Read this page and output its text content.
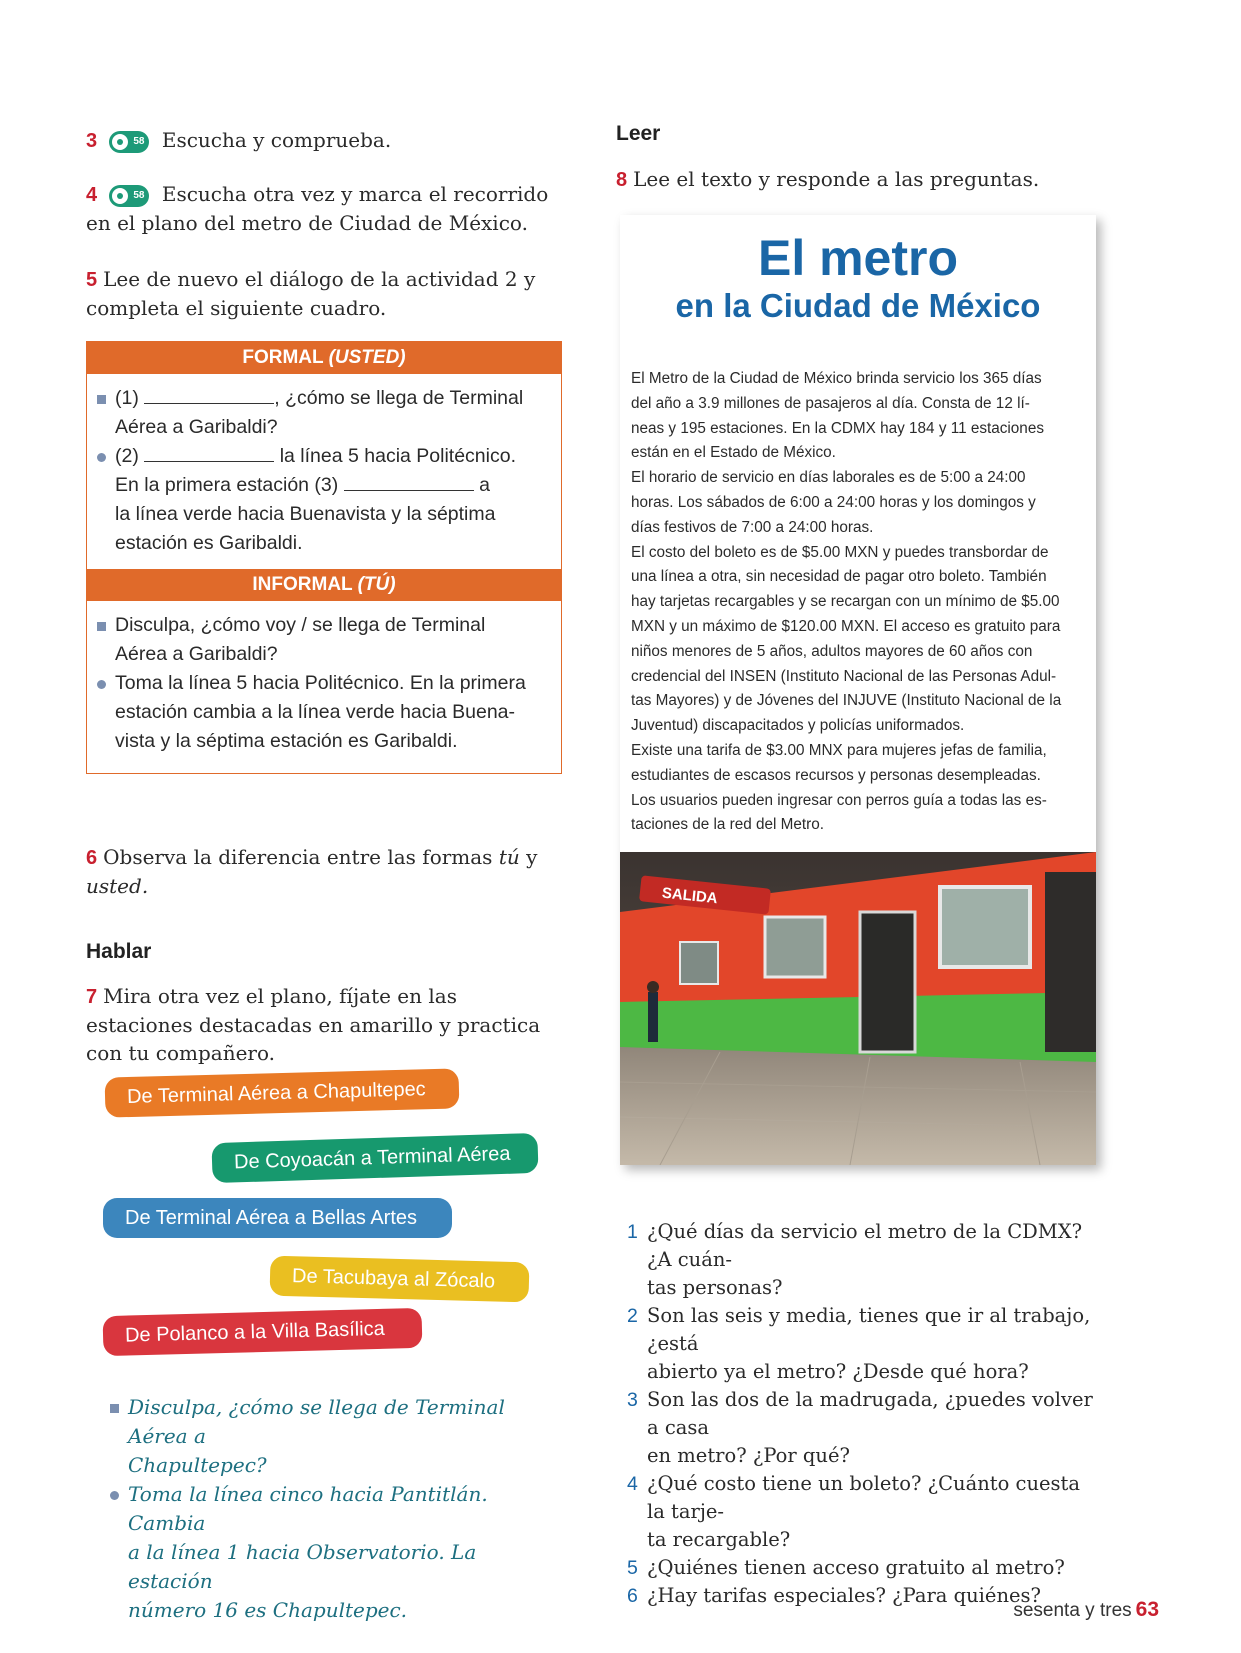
3	58 Escucha y comprueba.
4	58 Escucha otra vez y marca el recorrido
en el plano del metro de Ciudad de México.
5 Lee de nuevo el diálogo de la actividad 2 y
completa el siguiente cuadro.
FORMAL (USTED)
(1)	, ¿cómo se llega de Terminal
Aérea a Garibaldi?
(2)	la línea 5 hacia Politécnico.
En la primera estación (3)	a
la línea verde hacia Buenavista y la séptima
estación es Garibaldi.
INFORMAL (TÚ)
Disculpa, ¿cómo voy / se llega de Terminal
Aérea a Garibaldi?
Toma la línea 5 hacia Politécnico. En la primera
estación cambia a la línea verde hacia Buena-
vista y la séptima estación es Garibaldi.
6 Observa la diferencia entre las formas tú y
usted.
Hablar
7 Mira otra vez el plano, fíjate en las
estaciones destacadas en amarillo y practica
con tu compañero.
De Terminal Aérea a Chapultepec
De Coyoacán a Terminal Aérea
De Terminal Aérea a Bellas Artes
De Tacubaya al Zócalo
De Polanco a la Villa Basílica
Disculpa, ¿cómo se llega de Terminal Aérea a
Chapultepec?
Toma la línea cinco hacia Pantitlán. Cambia
a la línea 1 hacia Observatorio. La estación
número 16 es Chapultepec.
Leer
8 Lee el texto y responde a las preguntas.
El metro
en la Ciudad de México
El Metro de la Ciudad de México brinda servicio los 365 días
del año a 3.9 millones de pasajeros al día. Consta de 12 lí-
neas y 195 estaciones. En la CDMX hay 184 y 11 estaciones
están en el Estado de México.
El horario de servicio en días laborales es de 5:00 a 24:00
horas. Los sábados de 6:00 a 24:00 horas y los domingos y
días festivos de 7:00 a 24:00 horas.
El costo del boleto es de $5.00 MXN y puedes transbordar de
una línea a otra, sin necesidad de pagar otro boleto. También
hay tarjetas recargables y se recargan con un mínimo de $5.00
MXN y un máximo de $120.00 MXN. El acceso es gratuito para
niños menores de 5 años, adultos mayores de 60 años con
credencial del INSEN (Instituto Nacional de las Personas Adul-
tas Mayores) y de Jóvenes del INJUVE (Instituto Nacional de la
Juventud) discapacitados y policías uniformados.
Existe una tarifa de $3.00 MNX para mujeres jefas de familia,
estudiantes de escasos recursos y personas desempleadas.
Los usuarios pueden ingresar con perros guía a todas las es-
taciones de la red del Metro.
SALIDA
1 ¿Qué días da servicio el metro de la CDMX? ¿A cuán-
tas personas?
2 Son las seis y media, tienes que ir al trabajo, ¿está
abierto ya el metro? ¿Desde qué hora?
3 Son las dos de la madrugada, ¿puedes volver a casa
en metro? ¿Por qué?
4 ¿Qué costo tiene un boleto? ¿Cuánto cuesta la tarje-
ta recargable?
5 ¿Quiénes tienen acceso gratuito al metro?
6 ¿Hay tarifas especiales? ¿Para quiénes?
sesenta y tres 63
